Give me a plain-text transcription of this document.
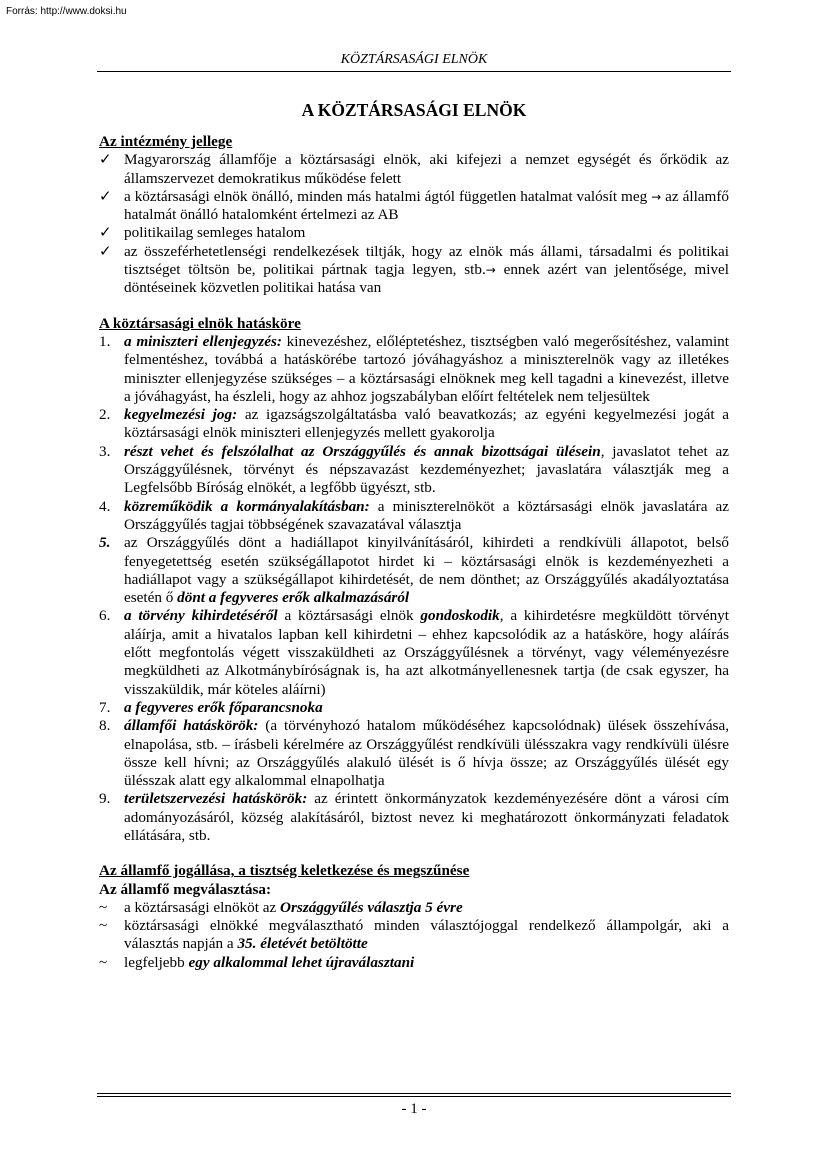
Forrás: http://www.doksi.hu
KÖZTÁRSASÁGI ELNÖK
A KÖZTÁRSASÁGI ELNÖK

Az intézmény jellege

✓ Magyarország államfője a köztársasági elnök, aki kifejezi a nemzet egységét és őrködik az államszervezet demokratikus működése felett
✓ a köztársasági elnök önálló, minden más hatalmi ágtól független hatalmat valósít meg → az államfő hatalmát önálló hatalomként értelmezi az AB
✓ politikailag semleges hatalom
✓ az összeférhetetlenségi rendelkezések tiltják, hogy az elnök más állami, társadalmi és politikai tisztséget töltsön be, politikai pártnak tagja legyen, stb.→ ennek azért van jelentősége, mivel döntéseinek közvetlen politikai hatása van

A köztársasági elnök hatásköre

1. a miniszteri ellenjegyzés: kinevezéshez, előléptetéshez, tisztségben való megerősítéshez, valamint felmentéshez, továbbá a hatáskörébe tartozó jóváhagyáshoz a miniszterelnök vagy az illetékes miniszter ellenjegyzése szükséges – a köztársasági elnöknek meg kell tagadni a kinevezést, illetve a jóváhagyást, ha észleli, hogy az ahhoz jogszabályban előírt feltételek nem teljesültek
2. kegyelmezési jog: az igazságszolgáltatásba való beavatkozás; az egyéni kegyelmezési jogát a köztársasági elnök miniszteri ellenjegyzés mellett gyakorolja
3. részt vehet és felszólalhat az Országgyűlés és annak bizottságai ülésein, javaslatot tehet az Országgyűlésnek, törvényt és népszavazást kezdeményezhet; javaslatára választják meg a Legfelsőbb Bíróság elnökét, a legfőbb ügyészt, stb.
4. közreműködik a kormányalakításban: a miniszterelnököt a köztársasági elnök javaslatára az Országgyűlés tagjai többségének szavazatával választja
5. az Országgyűlés dönt a hadiállapot kinyilvánításáról, kihirdeti a rendkívüli állapotot, belső fenyegetettség esetén szükségállapotot hirdet ki – köztársasági elnök is kezdeményezheti a hadiállapot vagy a szükségállapot kihirdetését, de nem dönthet; az Országgyűlés akadályoztatása esetén ő dönt a fegyveres erők alkalmazásáról
6. a törvény kihirdetéséről a köztársasági elnök gondoskodik, a kihirdetésre megküldött törvényt aláírja, amit a hivatalos lapban kell kihirdetni – ehhez kapcsolódik az a hatásköre, hogy aláírás előtt megfontolás végett visszaküldheti az Országgyűlésnek a törvényt, vagy véleményezésre megküldheti az Alkotmánybíróságnak is, ha azt alkotmányellenesnek tartja (de csak egyszer, ha visszaküldik, már köteles aláírni)
7. a fegyveres erők főparancsnoka
8. államfői hatáskörök: (a törvényhozó hatalom működéséhez kapcsolódnak) ülések összehívása, elnapolása, stb. – írásbeli kérelmére az Országgyűlést rendkívüli ülésszakra vagy rendkívüli ülésre össze kell hívni; az Országgyűlés alakuló ülését is ő hívja össze; az Országgyűlés ülését egy ülésszak alatt egy alkalommal elnapolhatja
9. területszervezési hatáskörök: az érintett önkormányzatok kezdeményezésére dönt a városi cím adományozásáról, község alakításáról, biztost nevez ki meghatározott önkormányzati feladatok ellátására, stb.

Az államfő jogállása, a tisztség keletkezése és megszűnése

Az államfő megválasztása:

~	a köztársasági elnököt az Országgyűlés választja 5 évre
~	köztársasági elnökké megválasztható minden választójoggal rendelkező állampolgár, aki a választás napján a 35. életévét betöltötte
~	legfeljebb egy alkalommal lehet újraválasztani
- 1 -
